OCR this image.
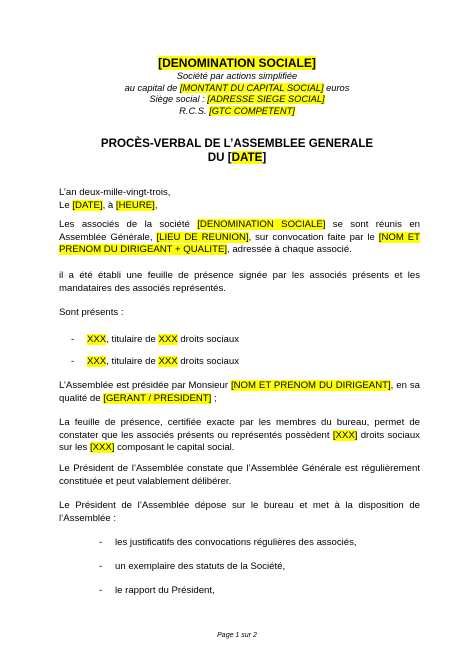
[DENOMINATION SOCIALE]
Société par actions simplifiée
au capital de [MONTANT DU CAPITAL SOCIAL] euros
Siège social : [ADRESSE SIEGE SOCIAL]
R.C.S. [GTC COMPETENT]
PROCÈS-VERBAL DE L’ASSEMBLEE GENERALE
DU [DATE]
L’an deux-mille-vingt-trois,
Le [DATE], à [HEURE],

Les associés de la société [DENOMINATION SOCIALE] se sont réunis en Assemblée Générale, [LIEU DE REUNION], sur convocation faite par le [NOM ET PRENOM DU DIRIGEANT + QUALITE], adressée à chaque associé.

il a été établi une feuille de présence signée par les associés présents et les mandataires des associés représentés.

Sont présents :

- XXX, titulaire de XXX droits sociaux
- XXX, titulaire de XXX droits sociaux

L’Assemblée est présidée par Monsieur [NOM ET PRENOM DU DIRIGEANT], en sa qualité de [GERANT / PRESIDENT] ;

La feuille de présence, certifiée exacte par les membres du bureau, permet de constater que les associés présents ou représentés possèdent [XXX] droits sociaux sur les [XXX] composant le capital social.

Le Président de l’Assemblée constate que l’Assemblée Générale est régulièrement constituée et peut valablement délibérer.

Le Président de l’Assemblée dépose sur le bureau et met à la disposition de l’Assemblée :

- les justificatifs des convocations régulières des associés,
- un exemplaire des statuts de la Société,
- le rapport du Président,
Page 1 sur 2
